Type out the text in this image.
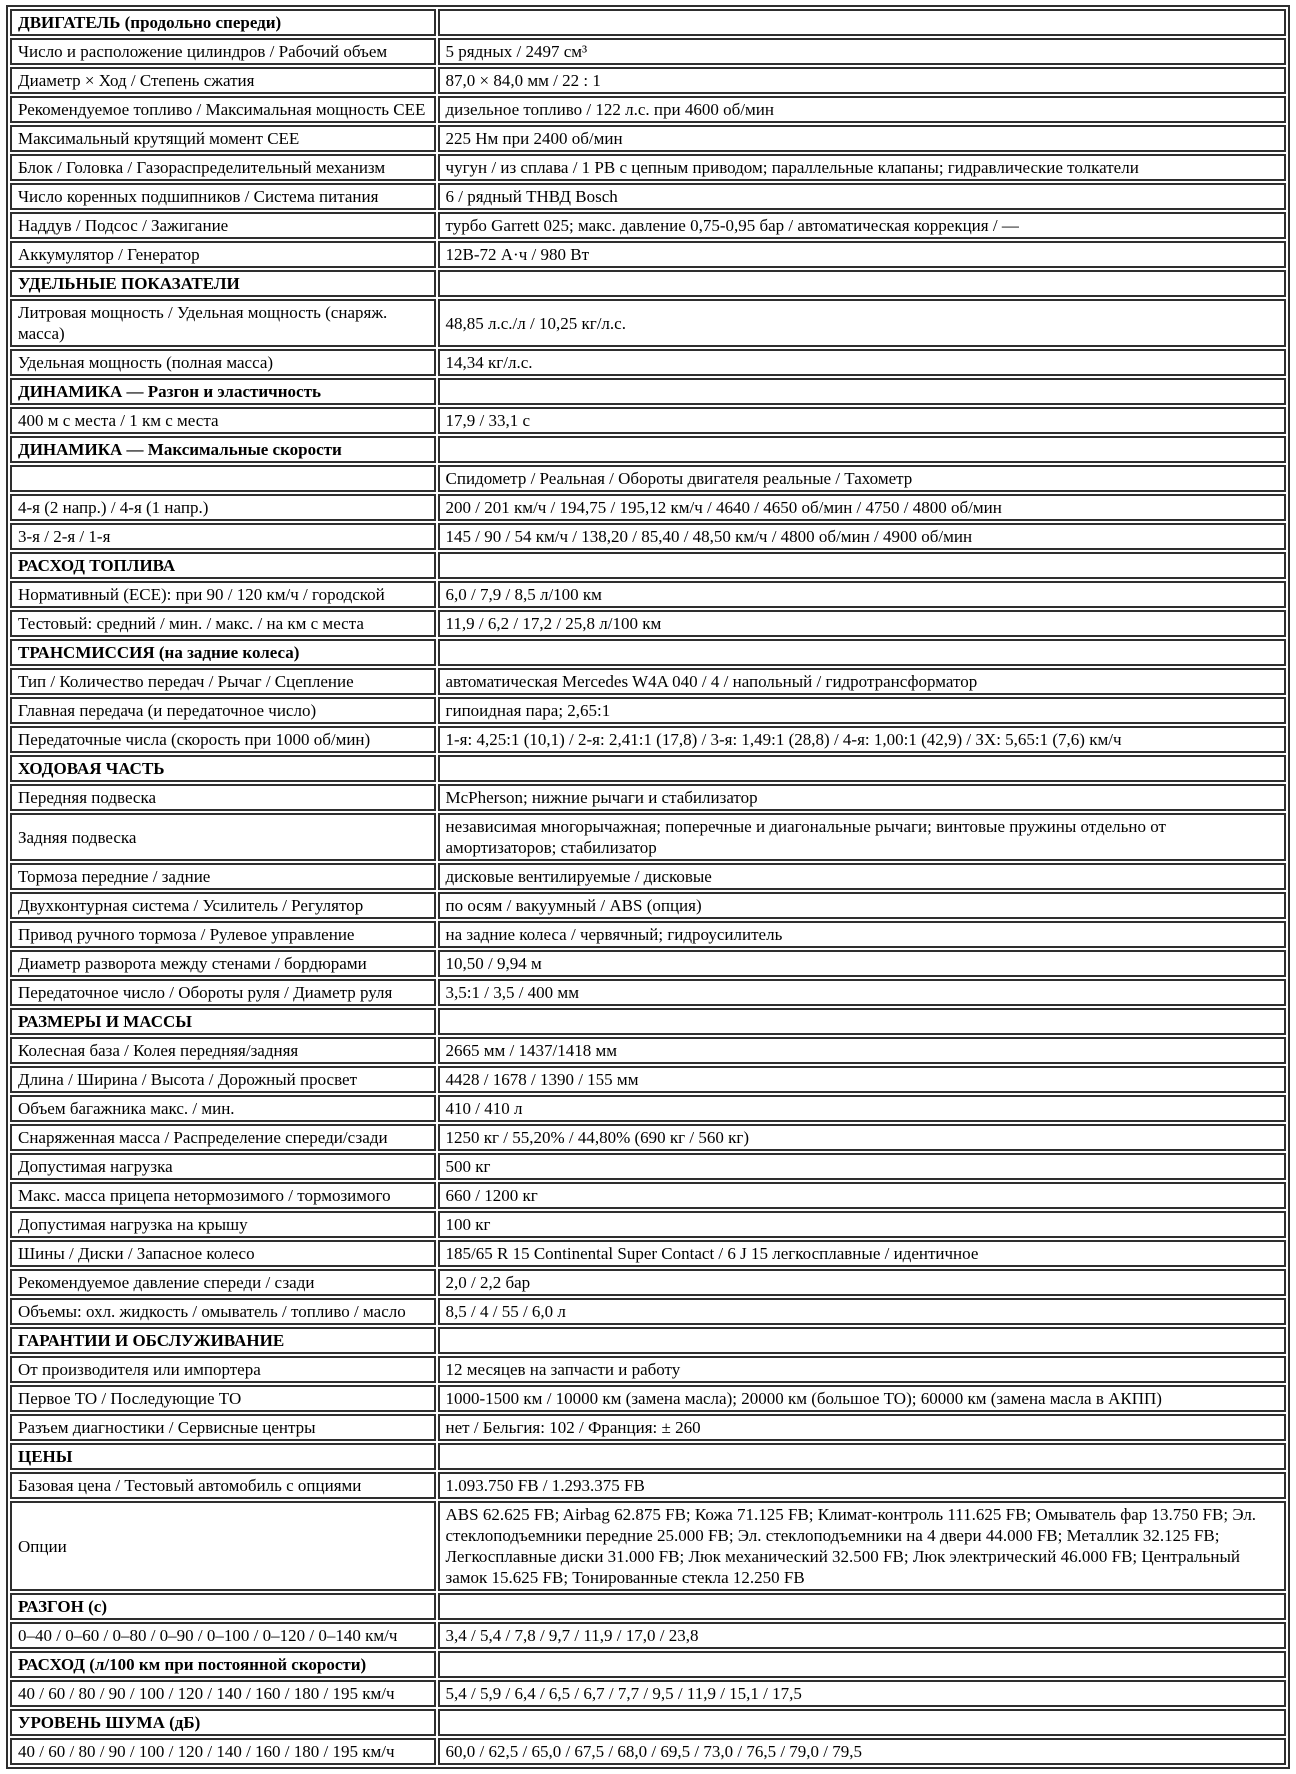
ДВИГАТЕЛЬ (продольно спереди)	
Число и расположение цилиндров / Рабочий объем	5 рядных / 2497 см³
Диаметр × Ход / Степень сжатия	87,0 × 84,0 мм / 22 : 1
Рекомендуемое топливо / Максимальная мощность CEE	дизельное топливо / 122 л.с. при 4600 об/мин
Максимальный крутящий момент CEE	225 Нм при 2400 об/мин
Блок / Головка / Газораспределительный механизм	чугун / из сплава / 1 РВ с цепным приводом; параллельные клапаны; гидравлические толкатели
Число коренных подшипников / Система питания	6 / рядный ТНВД Bosch
Наддув / Подсос / Зажигание	турбо Garrett 025; макс. давление 0,75-0,95 бар / автоматическая коррекция / —
Аккумулятор / Генератор	12В-72 А·ч / 980 Вт
УДЕЛЬНЫЕ ПОКАЗАТЕЛИ	
Литровая мощность / Удельная мощность (снаряж. масса)	48,85 л.с./л / 10,25 кг/л.с.
Удельная мощность (полная масса)	14,34 кг/л.с.
ДИНАМИКА — Разгон и эластичность	
400 м с места / 1 км с места	17,9 / 33,1 с
ДИНАМИКА — Максимальные скорости	
	Спидометр / Реальная / Обороты двигателя реальные / Тахометр
4-я (2 напр.) / 4-я (1 напр.)	200 / 201 км/ч / 194,75 / 195,12 км/ч / 4640 / 4650 об/мин / 4750 / 4800 об/мин
3-я / 2-я / 1-я	145 / 90 / 54 км/ч / 138,20 / 85,40 / 48,50 км/ч / 4800 об/мин / 4900 об/мин
РАСХОД ТОПЛИВА	
Нормативный (ЕСЕ): при 90 / 120 км/ч / городской	6,0 / 7,9 / 8,5 л/100 км
Тестовый: средний / мин. / макс. / на км с места	11,9 / 6,2 / 17,2 / 25,8 л/100 км
ТРАНСМИССИЯ (на задние колеса)	
Тип / Количество передач / Рычаг / Сцепление	автоматическая Mercedes W4A 040 / 4 / напольный / гидротрансформатор
Главная передача (и передаточное число)	гипоидная пара; 2,65:1
Передаточные числа (скорость при 1000 об/мин)	1-я: 4,25:1 (10,1) / 2-я: 2,41:1 (17,8) / 3-я: 1,49:1 (28,8) / 4-я: 1,00:1 (42,9) / ЗХ: 5,65:1 (7,6) км/ч
ХОДОВАЯ ЧАСТЬ	
Передняя подвеска	McPherson; нижние рычаги и стабилизатор
Задняя подвеска	независимая многорычажная; поперечные и диагональные рычаги; винтовые пружины отдельно от амортизаторов; стабилизатор
Тормоза передние / задние	дисковые вентилируемые / дисковые
Двухконтурная система / Усилитель / Регулятор	по осям / вакуумный / ABS (опция)
Привод ручного тормоза / Рулевое управление	на задние колеса / червячный; гидроусилитель
Диаметр разворота между стенами / бордюрами	10,50 / 9,94 м
Передаточное число / Обороты руля / Диаметр руля	3,5:1 / 3,5 / 400 мм
РАЗМЕРЫ И МАССЫ	
Колесная база / Колея передняя/задняя	2665 мм / 1437/1418 мм
Длина / Ширина / Высота / Дорожный просвет	4428 / 1678 / 1390 / 155 мм
Объем багажника макс. / мин.	410 / 410 л
Снаряженная масса / Распределение спереди/сзади	1250 кг / 55,20% / 44,80% (690 кг / 560 кг)
Допустимая нагрузка	500 кг
Макс. масса прицепа нетормозимого / тормозимого	660 / 1200 кг
Допустимая нагрузка на крышу	100 кг
Шины / Диски / Запасное колесо	185/65 R 15 Continental Super Contact / 6 J 15 легкосплавные / идентичное
Рекомендуемое давление спереди / сзади	2,0 / 2,2 бар
Объемы: охл. жидкость / омыватель / топливо / масло	8,5 / 4 / 55 / 6,0 л
ГАРАНТИИ И ОБСЛУЖИВАНИЕ	
От производителя или импортера	12 месяцев на запчасти и работу
Первое ТО / Последующие ТО	1000-1500 км / 10000 км (замена масла); 20000 км (большое ТО); 60000 км (замена масла в АКПП)
Разъем диагностики / Сервисные центры	нет / Бельгия: 102 / Франция: ± 260
ЦЕНЫ	
Базовая цена / Тестовый автомобиль с опциями	1.093.750 FB / 1.293.375 FB
Опции	ABS 62.625 FB; Airbag 62.875 FB; Кожа 71.125 FB; Климат-контроль 111.625 FB; Омыватель фар 13.750 FB; Эл. стеклоподъемники передние 25.000 FB; Эл. стеклоподъемники на 4 двери 44.000 FB; Металлик 32.125 FB; Легкосплавные диски 31.000 FB; Люк механический 32.500 FB; Люк электрический 46.000 FB; Центральный замок 15.625 FB; Тонированные стекла 12.250 FB
РАЗГОН (с)	
0–40 / 0–60 / 0–80 / 0–90 / 0–100 / 0–120 / 0–140 км/ч	3,4 / 5,4 / 7,8 / 9,7 / 11,9 / 17,0 / 23,8
РАСХОД (л/100 км при постоянной скорости)	
40 / 60 / 80 / 90 / 100 / 120 / 140 / 160 / 180 / 195 км/ч	5,4 / 5,9 / 6,4 / 6,5 / 6,7 / 7,7 / 9,5 / 11,9 / 15,1 / 17,5
УРОВЕНЬ ШУМА (дБ)	
40 / 60 / 80 / 90 / 100 / 120 / 140 / 160 / 180 / 195 км/ч	60,0 / 62,5 / 65,0 / 67,5 / 68,0 / 69,5 / 73,0 / 76,5 / 79,0 / 79,5
